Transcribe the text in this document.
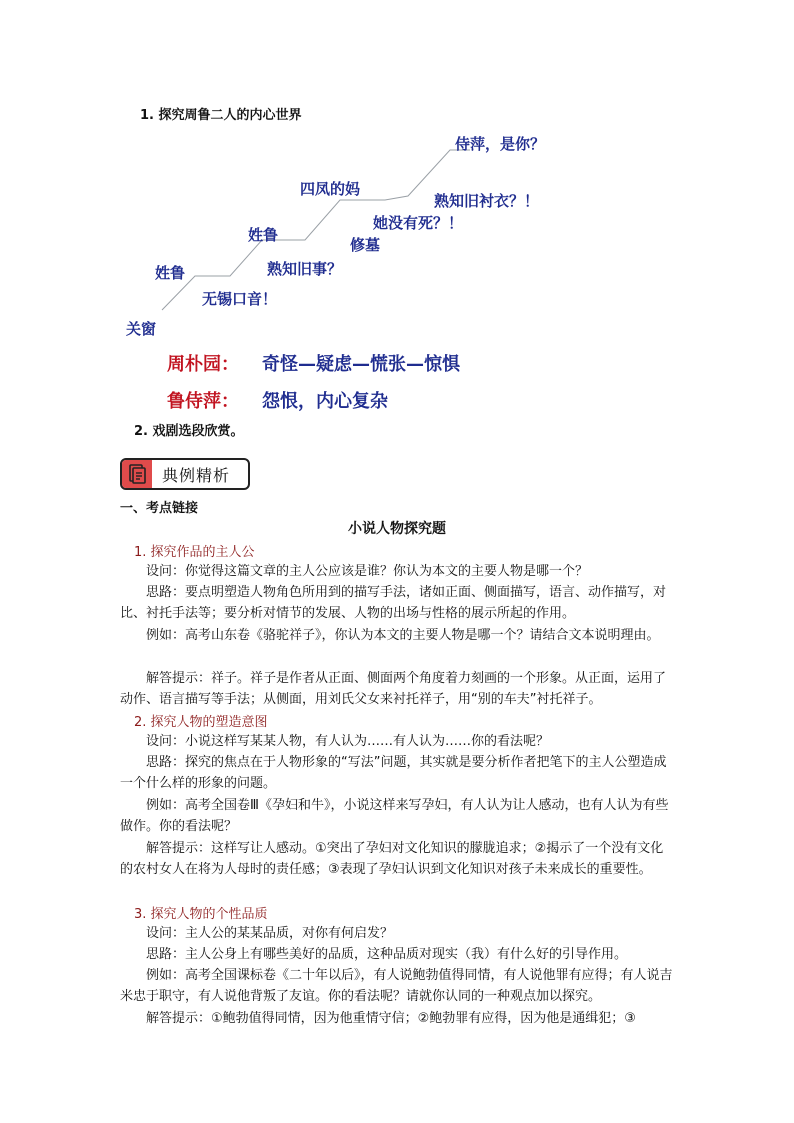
1. 探究周鲁二人的内心世界
关窗
姓鲁
无锡口音！
姓鲁
熟知旧事？
四凤的妈
修墓
她没有死？！
熟知旧衬衣？！
侍萍，是你？
周朴园： 奇怪—疑虑—慌张—惊惧
鲁侍萍： 怨恨，内心复杂
2. 戏剧选段欣赏。
典例精析
一、考点链接
小说人物探究题
1. 探究作品的主人公
设问：你觉得这篇文章的主人公应该是谁？你认为本文的主要人物是哪一个？
思路：要点明塑造人物角色所用到的描写手法，诸如正面、侧面描写，语言、动作描写，对比、衬托手法等；要分析对情节的发展、人物的出场与性格的展示所起的作用。
例如：高考山东卷《骆驼祥子》，你认为本文的主要人物是哪一个？请结合文本说明理由。
解答提示：祥子。祥子是作者从正面、侧面两个角度着力刻画的一个形象。从正面，运用了动作、语言描写等手法；从侧面，用刘氏父女来衬托祥子，用“别的车夫”衬托祥子。
2. 探究人物的塑造意图
设问：小说这样写某某人物，有人认为……有人认为……你的看法呢？
思路：探究的焦点在于人物形象的“写法”问题，其实就是要分析作者把笔下的主人公塑造成一个什么样的形象的问题。
例如：高考全国卷Ⅲ《孕妇和牛》，小说这样来写孕妇，有人认为让人感动，也有人认为有些做作。你的看法呢？
解答提示：这样写让人感动。①突出了孕妇对文化知识的朦胧追求；②揭示了一个没有文化的农村女人在将为人母时的责任感；③表现了孕妇认识到文化知识对孩子未来成长的重要性。
3. 探究人物的个性品质
设问：主人公的某某品质，对你有何启发？
思路：主人公身上有哪些美好的品质，这种品质对现实（我）有什么好的引导作用。
例如：高考全国课标卷《二十年以后》，有人说鲍勃值得同情，有人说他罪有应得；有人说吉米忠于职守，有人说他背叛了友谊。你的看法呢？请就你认同的一种观点加以探究。
解答提示：①鲍勃值得同情，因为他重情守信；②鲍勃罪有应得，因为他是通缉犯；③
